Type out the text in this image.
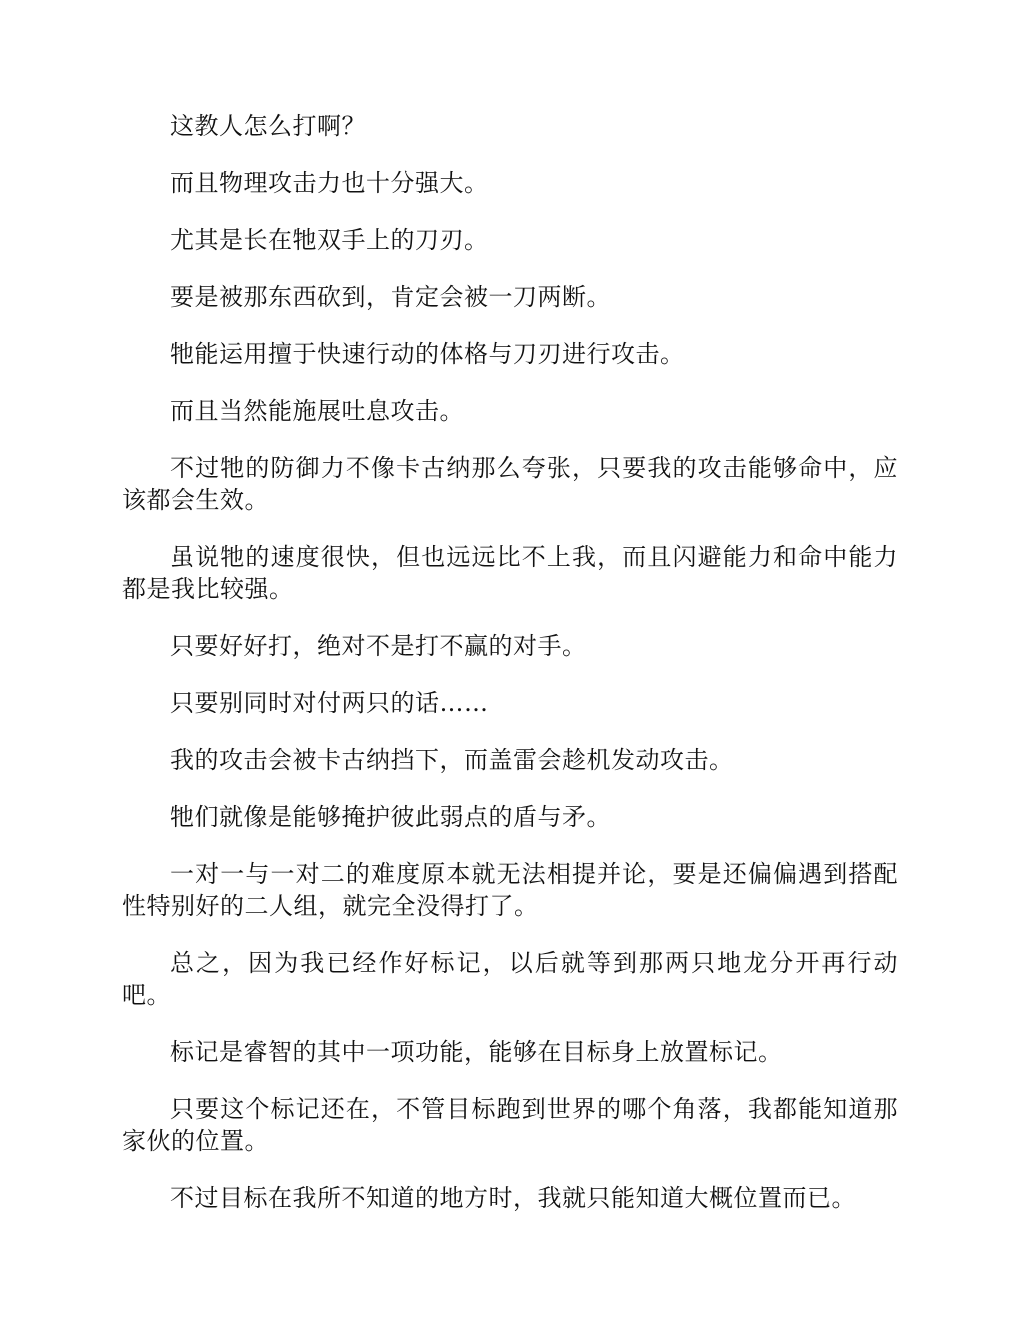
这教人怎么打啊？

而且物理攻击力也十分强大。

尤其是长在牠双手上的刀刃。

要是被那东西砍到，肯定会被一刀两断。

牠能运用擅于快速行动的体格与刀刃进行攻击。

而且当然能施展吐息攻击。

不过牠的防御力不像卡古纳那么夸张，只要我的攻击能够命中，应该都会生效。

虽说牠的速度很快，但也远远比不上我，而且闪避能力和命中能力都是我比较强。

只要好好打，绝对不是打不赢的对手。

只要别同时对付两只的话……

我的攻击会被卡古纳挡下，而盖雷会趁机发动攻击。

牠们就像是能够掩护彼此弱点的盾与矛。

一对一与一对二的难度原本就无法相提并论，要是还偏偏遇到搭配性特别好的二人组，就完全没得打了。

总之，因为我已经作好标记，以后就等到那两只地龙分开再行动吧。

标记是睿智的其中一项功能，能够在目标身上放置标记。

只要这个标记还在，不管目标跑到世界的哪个角落，我都能知道那家伙的位置。

不过目标在我所不知道的地方时，我就只能知道大概位置而已。
